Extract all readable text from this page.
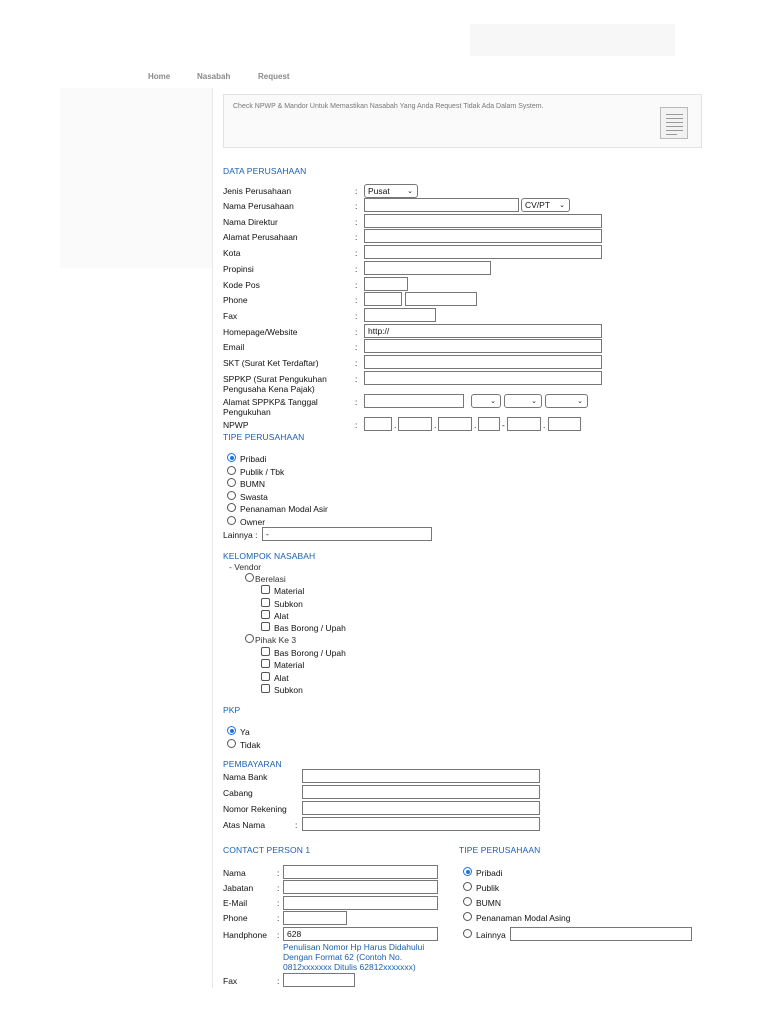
Home	Nasabah	Request
Check NPWP & Mandor Untuk Memastikan Nasabah Yang Anda Request Tidak Ada Dalam System.
DATA PERUSAHAAN
Jenis Perusahaan	:	Pusat ⌄
Nama Perusahaan	:	CV/PT ⌄
Nama Direktur	:
Alamat Perusahaan	:
Kota	:
Propinsi	:
Kode Pos	:
Phone	:
Fax	:
Homepage/Website	:	http://
Email	:
SKT (Surat Ket Terdaftar)	:
SPPKP (Surat Pengukuhan
Pengusaha Kena Pajak)
:
Alamat SPPKP& Tanggal
Pengukuhan
:	⌄	⌄	⌄
NPWP	:	.	.	.	-	.
TIPE PERUSAHAAN
Pribadi
Publik / Tbk
BUMN
Swasta
Penanaman Modal Asir
Owner
Lainnya :	-
KELOMPOK NASABAH
- Vendor
Berelasi
Material
Subkon
Alat
Bas Borong / Upah
Pihak Ke 3
Bas Borong / Upah
Material
Alat
Subkon
PKP
Ya
Tidak
PEMBAYARAN
Nama Bank
Cabang
Nomor Rekening
Atas Nama	:
CONTACT PERSON 1
Nama	:
Jabatan	:
E-Mail	:
Phone	:
Handphone : 628
Penulisan Nomor Hp Harus Didahului
Dengan Format 62 (Contoh No.
0812xxxxxxx Ditulis 62812xxxxxxx)
Fax	:
TIPE PERUSAHAAN
Pribadi
Publik
BUMN
Penanaman Modal Asing
Lainnya
